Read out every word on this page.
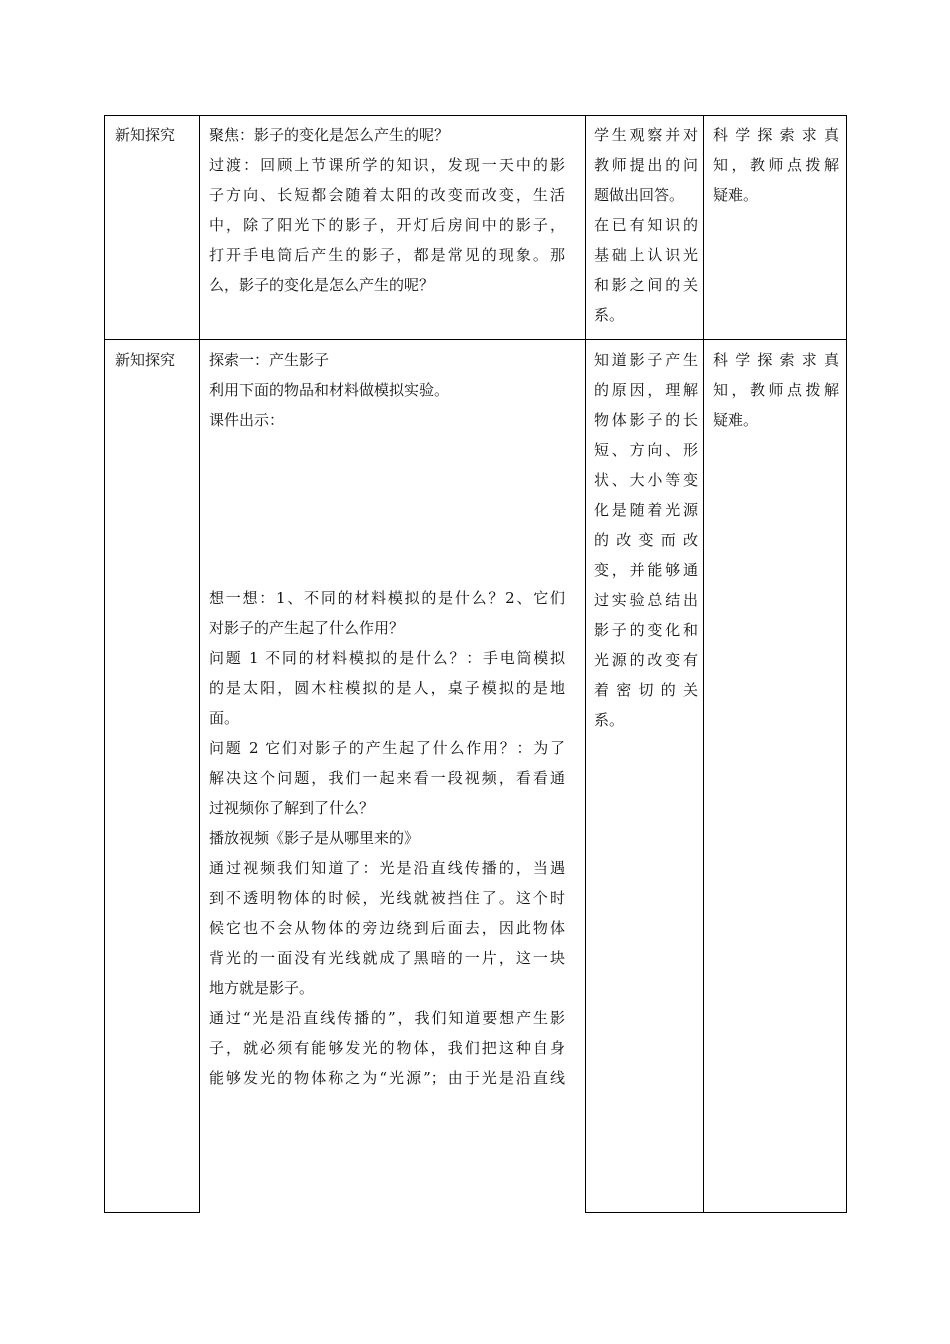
新知探究	聚焦：影子的变化是怎么产生的呢？

过渡：回顾上节课所学的知识，发现一天中的影

子方向、长短都会随着太阳的改变而改变，生活

中，除了阳光下的影子，开灯后房间中的影子，

打开手电筒后产生的影子，都是常见的现象。那

么，影子的变化是怎么产生的呢？

学生观察并对

教师提出的问

题做出回答。

在已有知识的

基础上认识光

和影之间的关

系。

科学探索求真

知，教师点拨解

疑难。

新知探究	探索一：产生影子

利用下面的物品和材料做模拟实验。

课件出示：

想一想：1、不同的材料模拟的是什么？2、它们

对影子的产生起了什么作用？

问题 1 不同的材料模拟的是什么？：手电筒模拟

的是太阳，圆木柱模拟的是人，桌子模拟的是地

面。

问题 2 它们对影子的产生起了什么作用？：为了

解决这个问题，我们一起来看一段视频，看看通

过视频你了解到了什么？

播放视频《影子是从哪里来的》

通过视频我们知道了：光是沿直线传播的，当遇

到不透明物体的时候，光线就被挡住了。这个时

候它也不会从物体的旁边绕到后面去，因此物体

背光的一面没有光线就成了黑暗的一片，这一块

地方就是影子。

通过“光是沿直线传播的”，我们知道要想产生影

子，就必须有能够发光的物体，我们把这种自身

能够发光的物体称之为“光源”；由于光是沿直线

知道影子产生

的原因，理解

物体影子的长

短、方向、形

状、大小等变

化是随着光源

的改变而改

变，并能够通

过实验总结出

影子的变化和

光源的改变有

着密切的关

系。

科学探索求真

知，教师点拨解

疑难。
